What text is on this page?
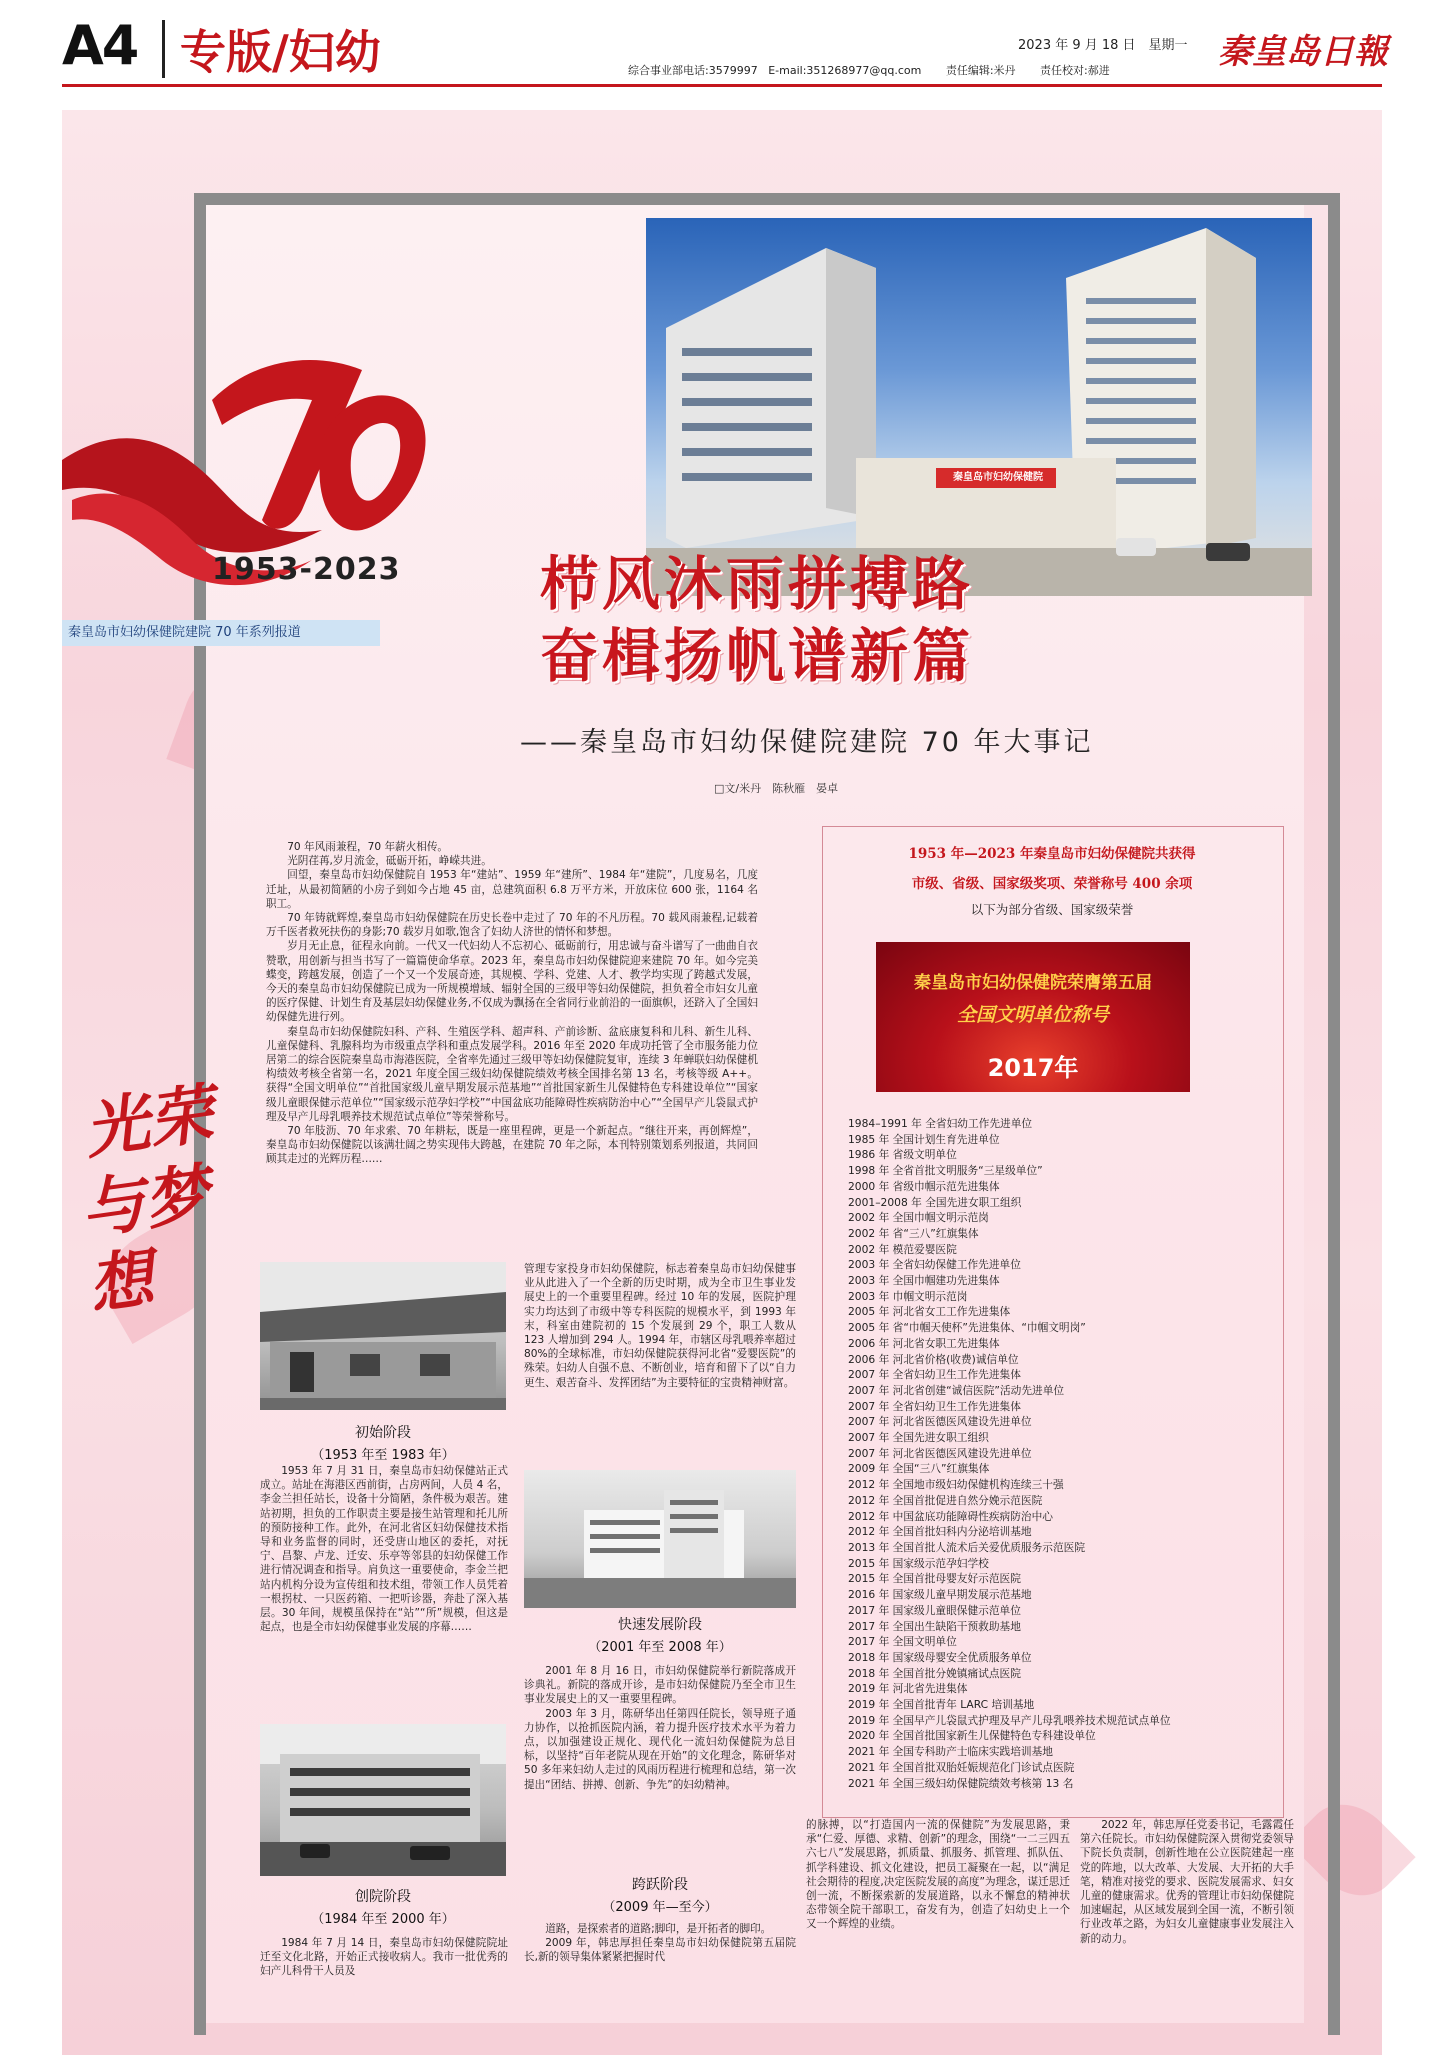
A4 专版/妇幼	2023 年 9 月 18 日　星期一
综合事业部电话:3579997 E-mail:351268977@qq.com 责任编辑:米丹 责任校对:郝进	秦皇岛日報
秦皇岛市妇幼保健院
1953-2023
秦皇岛市妇幼保健院建院 70 年系列报道
栉风沐雨拼搏路
奋楫扬帆谱新篇
——秦皇岛市妇幼保健院建院 70 年大事记
□文/米丹　陈秋雁　晏卓
光荣
与梦
想

70 年风雨兼程，70 年薪火相传。

光阴荏苒,岁月流金，砥砺开拓，峥嵘共进。

回望，秦皇岛市妇幼保健院自 1953 年“建站”、1959 年“建所”、1984 年“建院”，几度易名，几度迁址，从最初简陋的小房子到如今占地 45 亩，总建筑面积 6.8 万平方米，开放床位 600 张，1164 名职工。

70 年铸就辉煌,秦皇岛市妇幼保健院在历史长卷中走过了 70 年的不凡历程。70 载风雨兼程,记载着万千医者救死扶伤的身影;70 载岁月如歌,饱含了妇幼人济世的情怀和梦想。

岁月无止息，征程永向前。一代又一代妇幼人不忘初心、砥砺前行，用忠诚与奋斗谱写了一曲曲自衣赞歌，用创新与担当书写了一篇篇使命华章。2023 年，秦皇岛市妇幼保健院迎来建院 70 年。如今完美蝶变，跨越发展，创造了一个又一个发展奇迹，其规模、学科、党建、人才、教学均实现了跨越式发展，今天的秦皇岛市妇幼保健院已成为一所规模增域、辐射全国的三级甲等妇幼保健院，担负着全市妇女儿童的医疗保健、计划生育及基层妇幼保健业务,不仅成为飘扬在全省同行业前沿的一面旗帜，还跻入了全国妇幼保健先进行列。

秦皇岛市妇幼保健院妇科、产科、生殖医学科、超声科、产前诊断、盆底康复科和儿科、新生儿科、儿童保健科、乳腺科均为市级重点学科和重点发展学科。2016 年至 2020 年成功托管了全市服务能力位居第二的综合医院秦皇岛市海港医院，全省率先通过三级甲等妇幼保健院复审，连续 3 年蝉联妇幼保健机构绩效考核全省第一名，2021 年度全国三级妇幼保健院绩效考核全国排名第 13 名，考核等级 A++。获得“全国文明单位”“首批国家级儿童早期发展示范基地”“首批国家新生儿保健特色专科建设单位”“国家级儿童眼保健示范单位”“国家级示范孕妇学校”“中国盆底功能障碍性疾病防治中心”“全国早产儿袋鼠式护理及早产儿母乳喂养技术规范试点单位”等荣誉称号。

70 年肢沥、70 年求索、70 年耕耘，既是一座里程碑，更是一个新起点。“继往开来，再创辉煌”，秦皇岛市妇幼保健院以该满壮阔之势实现伟大跨越，在建院 70 年之际，本刊特别策划系列报道，共同回顾其走过的光辉历程……

初始阶段
（1953 年至 1983 年）

1953 年 7 月 31 日，秦皇岛市妇幼保健站正式成立。站址在海港区西前街，占房两间，人员 4 名，李金兰担任站长，设备十分简陋，条件极为艰苦。建站初期，担负的工作职责主要是接生站管理和托儿所的预防接种工作。此外，在河北省区妇幼保健技术指导和业务监督的同时，还受唐山地区的委托，对抚宁、昌黎、卢龙、迁安、乐亭等邻县的妇幼保健工作进行情况调查和指导。肩负这一重要使命，李金兰把站内机构分设为宣传组和技术组，带领工作人员凭着一根拐杖、一只医药箱、一把听诊器，奔赴了深入基层。30 年间，规模虽保持在“站”“所”规模，但这是起点，也是全市妇幼保健事业发展的序幕……

创院阶段
（1984 年至 2000 年）

1984 年 7 月 14 日，秦皇岛市妇幼保健院院址迁至文化北路，开始正式接收病人。我市一批优秀的妇产儿科骨干人员及

管理专家投身市妇幼保健院，标志着秦皇岛市妇幼保健事业从此进入了一个全新的历史时期，成为全市卫生事业发展史上的一个重要里程碑。经过 10 年的发展，医院护理实力均达到了市级中等专科医院的规模水平，到 1993 年末，科室由建院初的 15 个发展到 29 个，职工人数从 123 人增加到 294 人。1994 年，市辖区母乳喂养率超过 80%的全球标准，市妇幼保健院获得河北省“爱婴医院”的殊荣。妇幼人自强不息、不断创业，培育和留下了以“自力更生、艰苦奋斗、发挥团结”为主要特征的宝贵精神财富。

快速发展阶段
（2001 年至 2008 年）

2001 年 8 月 16 日，市妇幼保健院举行新院落成开诊典礼。新院的落成开诊，是市妇幼保健院乃至全市卫生事业发展史上的又一重要里程碑。

2003 年 3 月，陈研华出任第四任院长，领导班子通力协作，以抢抓医院内涵，着力提升医疗技术水平为着力点，以加强建设正规化、现代化一流妇幼保健院为总目标，以坚持“百年老院从现在开始”的文化理念，陈研华对 50 多年来妇幼人走过的风雨历程进行梳理和总结，第一次提出“团结、拼搏、创新、争先”的妇幼精神。

跨跃阶段
（2009 年—至今）

道路，是探索者的道路;脚印，是开拓者的脚印。

2009 年，韩忠厚担任秦皇岛市妇幼保健院第五届院长,新的领导集体紧紧把握时代

1953 年—2023 年秦皇岛市妇幼保健院共获得
市级、省级、国家级奖项、荣誉称号 400 余项
以下为部分省级、国家级荣誉
秦皇岛市妇幼保健院荣膺第五届
全国文明单位称号
2017年
1984–1991 年 全省妇幼工作先进单位
1985 年 全国计划生育先进单位
1986 年 省级文明单位
1998 年 全省首批文明服务“三星级单位”
2000 年 省级巾帼示范先进集体
2001–2008 年 全国先进女职工组织
2002 年 全国巾帼文明示范岗
2002 年 省“三八”红旗集体
2002 年 模范爱婴医院
2003 年 全省妇幼保健工作先进单位
2003 年 全国巾帼建功先进集体
2003 年 巾帼文明示范岗
2005 年 河北省女工工作先进集体
2005 年 省“巾帼天使杯”先进集体、“巾帼文明岗”
2006 年 河北省女职工先进集体
2006 年 河北省价格(收费)诚信单位
2007 年 全省妇幼卫生工作先进集体
2007 年 河北省创建“诚信医院”活动先进单位
2007 年 全省妇幼卫生工作先进集体
2007 年 河北省医德医风建设先进单位
2007 年 全国先进女职工组织
2007 年 河北省医德医风建设先进单位
2009 年 全国“三八”红旗集体
2012 年 全国地市级妇幼保健机构连续三十强
2012 年 全国首批促进自然分娩示范医院
2012 年 中国盆底功能障碍性疾病防治中心
2012 年 全国首批妇科内分泌培训基地
2013 年 全国首批人流术后关爱优质服务示范医院
2015 年 国家级示范孕妇学校
2015 年 全国首批母婴友好示范医院
2016 年 国家级儿童早期发展示范基地
2017 年 国家级儿童眼保健示范单位
2017 年 全国出生缺陷干预救助基地
2017 年 全国文明单位
2018 年 国家级母婴安全优质服务单位
2018 年 全国首批分娩镇痛试点医院
2019 年 河北省先进集体
2019 年 全国首批青年 LARC 培训基地
2019 年 全国早产儿袋鼠式护理及早产儿母乳喂养技术规范试点单位
2020 年 全国首批国家新生儿保健特色专科建设单位
2021 年 全国专科助产士临床实践培训基地
2021 年 全国首批双胎妊娠规范化门诊试点医院
2021 年 全国三级妇幼保健院绩效考核第 13 名

的脉搏，以“打造国内一流的保健院”为发展思路，秉承“仁爱、厚德、求精、创新”的理念，围绕“一二三四五六七八”发展思路，抓质量、抓服务、抓管理、抓队伍、抓学科建设、抓文化建设，把员工凝聚在一起，以“满足社会期待的程度,决定医院发展的高度”为理念，谋迁思迁创一流，不断探索新的发展道路，以永不懈怠的精神状态带领全院干部职工，奋发有为，创造了妇幼史上一个又一个辉煌的业绩。

2022 年，韩忠厚任党委书记，毛露霞任第六任院长。市妇幼保健院深入贯彻党委领导下院长负责制，创新性地在公立医院建起一座党的阵地，以大改革、大发展、大开拓的大手笔，精准对接党的要求、医院发展需求、妇女儿童的健康需求。优秀的管理让市妇幼保健院加速崛起，从区域发展到全国一流，不断引领行业改革之路，为妇女儿童健康事业发展注入新的动力。
